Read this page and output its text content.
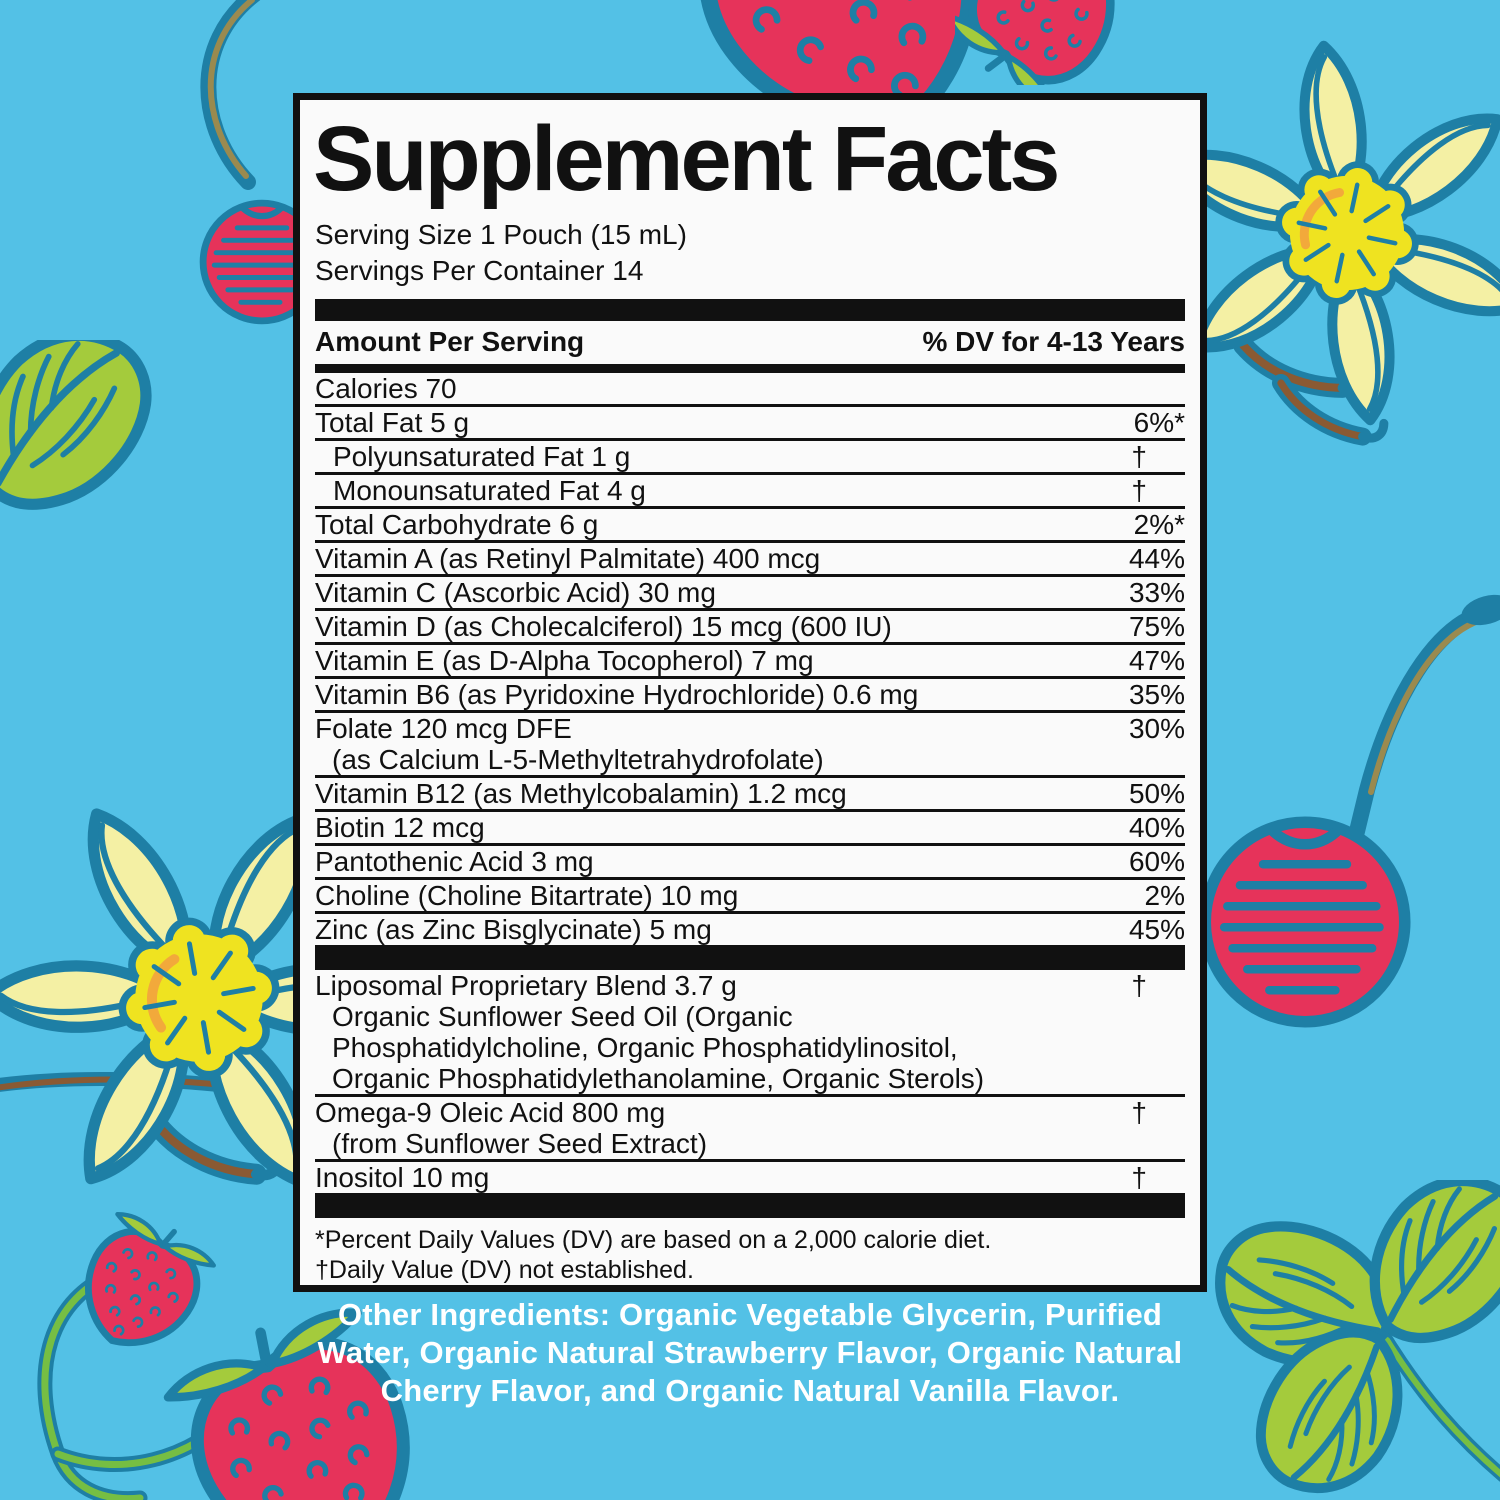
Supplement Facts
Serving Size 1 Pouch (15 mL)
Servings Per Container 14
Amount Per Serving	% DV for 4-13 Years
Calories 70
Total Fat 5 g	6%*
Polyunsaturated Fat 1 g	†
Monounsaturated Fat 4 g	†
Total Carbohydrate 6 g	2%*
Vitamin A (as Retinyl Palmitate) 400 mcg	44%
Vitamin C (Ascorbic Acid) 30 mg	33%
Vitamin D (as Cholecalciferol) 15 mcg (600 IU)	75%
Vitamin E (as D-Alpha Tocopherol) 7 mg	47%
Vitamin B6 (as Pyridoxine Hydrochloride) 0.6 mg	35%
Folate 120 mcg DFE	30%
(as Calcium L-5-Methyltetrahydrofolate)
Vitamin B12 (as Methylcobalamin) 1.2 mcg	50%
Biotin 12 mcg	40%
Pantothenic Acid 3 mg	60%
Choline (Choline Bitartrate) 10 mg	2%
Zinc (as Zinc Bisglycinate) 5 mg	45%
Liposomal Proprietary Blend 3.7 g	†
Organic Sunflower Seed Oil (Organic
Phosphatidylcholine, Organic Phosphatidylinositol,
Organic Phosphatidylethanolamine, Organic Sterols)
Omega-9 Oleic Acid 800 mg	†
(from Sunflower Seed Extract)
Inositol 10 mg	†
*Percent Daily Values (DV) are based on a 2,000 calorie diet.
†Daily Value (DV) not established.
Other Ingredients: Organic Vegetable Glycerin, Purified
Water, Organic Natural Strawberry Flavor, Organic Natural
Cherry Flavor, and Organic Natural Vanilla Flavor.
